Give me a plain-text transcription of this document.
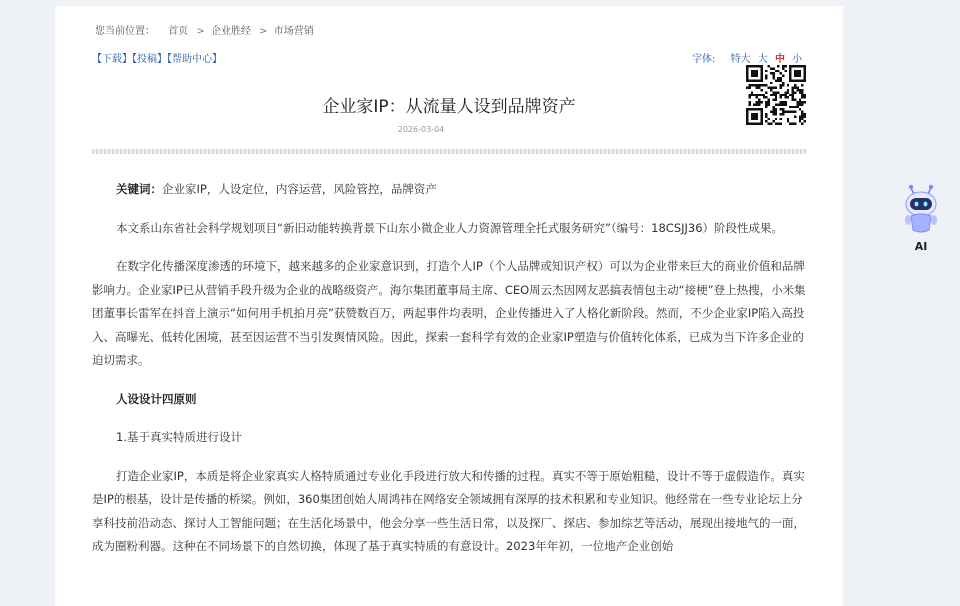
您当前位置： 首页 > 企业胜经 > 市场营销
【下载】【投稿】【帮助中心】	字体: 特大 大 中 小
企业家IP：从流量人设到品牌资产
2026-03-04

关键词：企业家IP，人设定位，内容运营，风险管控，品牌资产

本文系山东省社会科学规划项目“新旧动能转换背景下山东小微企业人力资源管理全托式服务研究”（编号：18CSJJ36）阶段性成果。

在数字化传播深度渗透的环境下，越来越多的企业家意识到，打造个人IP（个人品牌或知识产权）可以为企业带来巨大的商业价值和品牌影响力。企业家IP已从营销手段升级为企业的战略级资产。海尔集团董事局主席、CEO周云杰因网友恶搞表情包主动“接梗”登上热搜，小米集团董事长雷军在抖音上演示“如何用手机拍月亮”获赞数百万，两起事件均表明，企业传播进入了人格化新阶段。然而，不少企业家IP陷入高投入、高曝光、低转化困境，甚至因运营不当引发舆情风险。因此，探索一套科学有效的企业家IP塑造与价值转化体系，已成为当下许多企业的迫切需求。

人设设计四原则

1.基于真实特质进行设计

打造企业家IP，本质是将企业家真实人格特质通过专业化手段进行放大和传播的过程。真实不等于原始粗糙，设计不等于虚假造作。真实是IP的根基，设计是传播的桥梁。例如，360集团创始人周鸿祎在网络安全领域拥有深厚的技术积累和专业知识。他经常在一些专业论坛上分享科技前沿动态、探讨人工智能问题；在生活化场景中，他会分享一些生活日常，以及探厂、探店、参加综艺等活动，展现出接地气的一面，成为圈粉利器。这种在不同场景下的自然切换，体现了基于真实特质的有意设计。2023年年初，一位地产企业创始

AI
